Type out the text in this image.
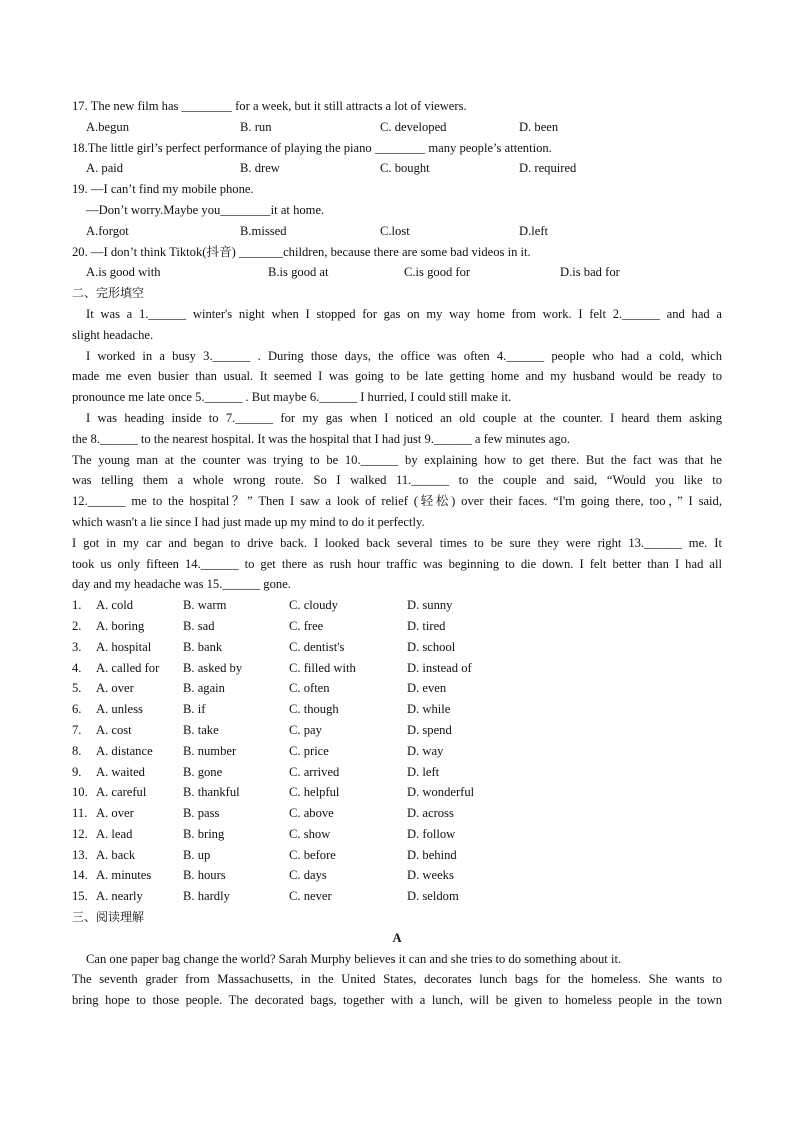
17. The new film has ________ for a week, but it still attracts a lot of viewers.
A.begun	B. run	C. developed	D. been
18.The little girl’s perfect performance of playing the piano ________ many people’s attention.
A. paid	B. drew	C. bought	D. required
19. —I can’t find my mobile phone.
—Don’t worry.Maybe you________it at home.
A.forgot	B.missed	C.lost	D.left
20. —I don’t think Tiktok(抖音) _______children, because there are some bad videos in it.
A.is good with	B.is good at	C.is good for	D.is bad for
二、完形填空
It was a 1.______ winter's night when I stopped for gas on my way home from work. I felt 2.______ and had a
slight headache.
I worked in a busy 3.______ . During those days, the office was often 4.______ people who had a cold, which
made me even busier than usual. It seemed I was going to be late getting home and my husband would be ready to
pronounce me late once 5.______ . But maybe 6.______ I hurried, I could still make it.
I was heading inside to 7.______ for my gas when I noticed an old couple at the counter. I heard them asking
the 8.______ to the nearest hospital. It was the hospital that I had just 9.______ a few minutes ago.
The young man at the counter was trying to be 10.______ by explaining how to get there. But the fact was that he
was telling them a whole wrong route. So I walked 11.______ to the couple and said, “Would you like to
12.______ me to the hospital？” Then I saw a look of relief (轻松) over their faces. “I'm going there, too，” I said,
which wasn't a lie since I had just made up my mind to do it perfectly.
I got in my car and began to drive back. I looked back several times to be sure they were right 13.______ me. It
took us only fifteen 14.______ to get there as rush hour traffic was beginning to die down. I felt better than I had all
day and my headache was 15.______ gone.
1. A. cold	B. warm	C. cloudy	D. sunny
2. A. boring	B. sad	C. free	D. tired
3. A. hospital	B. bank	C. dentist's	D. school
4. A. called for B. asked by	C. filled with	D. instead of
5. A. over	B. again	C. often	D. even
6. A. unless	B. if	C. though	D. while
7. A. cost	B. take	C. pay	D. spend
8. A. distance B. number	C. price	D. way
9. A. waited	B. gone	C. arrived	D. left
10. A. careful	B. thankful	C. helpful	D. wonderful
11. A. over	B. pass	C. above	D. across
12. A. lead	B. bring	C. show	D. follow
13. A. back	B. up	C. before	D. behind
14. A. minutes	B. hours	C. days	D. weeks
15. A. nearly	B. hardly	C. never	D. seldom
三、阅读理解
A
Can one paper bag change the world? Sarah Murphy believes it can and she tries to do something about it.
The seventh grader from Massachusetts, in the United States, decorates lunch bags for the homeless. She wants to
bring hope to those people. The decorated bags, together with a lunch, will be given to homeless people in the town
